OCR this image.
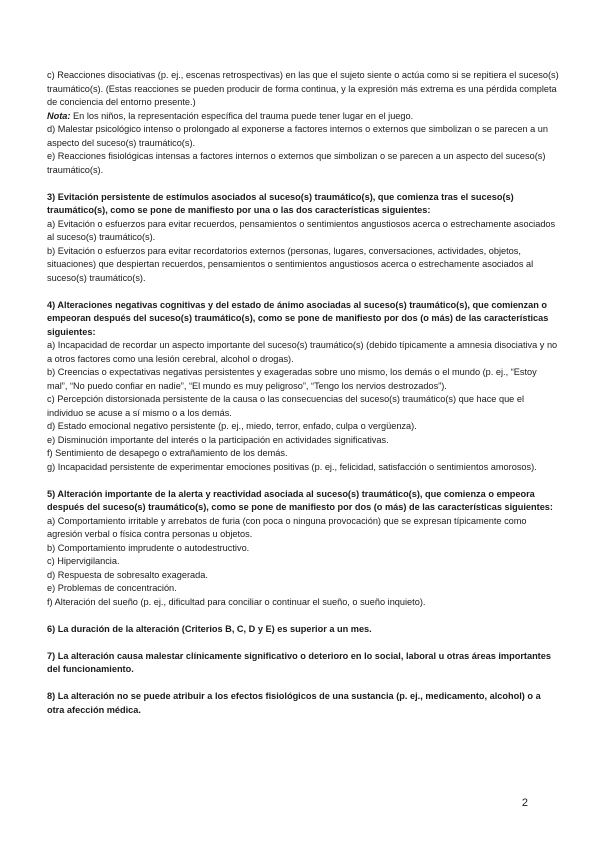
c) Reacciones disociativas (p. ej., escenas retrospectivas) en las que el sujeto siente o actúa como si se repitiera el suceso(s) traumático(s). (Estas reacciones se pueden producir de forma continua, y la expresión más extrema es una pérdida completa de conciencia del entorno presente.)

Nota: En los niños, la representación específica del trauma puede tener lugar en el juego.

d) Malestar psicológico intenso o prolongado al exponerse a factores internos o externos que simbolizan o se parecen a un aspecto del suceso(s) traumático(s).

e) Reacciones fisiológicas intensas a factores internos o externos que simbolizan o se parecen a un aspecto del suceso(s) traumático(s).

3) Evitación persistente de estímulos asociados al suceso(s) traumático(s), que comienza tras el suceso(s) traumático(s), como se pone de manifiesto por una o las dos características siguientes:

a) Evitación o esfuerzos para evitar recuerdos, pensamientos o sentimientos angustiosos acerca o estrechamente asociados al suceso(s) traumático(s).

b) Evitación o esfuerzos para evitar recordatorios externos (personas, lugares, conversaciones, actividades, objetos, situaciones) que despiertan recuerdos, pensamientos o sentimientos angustiosos acerca o estrechamente asociados al suceso(s) traumático(s).

4) Alteraciones negativas cognitivas y del estado de ánimo asociadas al suceso(s) traumático(s), que comienzan o empeoran después del suceso(s) traumático(s), como se pone de manifiesto por dos (o más) de las características siguientes:

a) Incapacidad de recordar un aspecto importante del suceso(s) traumático(s) (debido típicamente a amnesia disociativa y no a otros factores como una lesión cerebral, alcohol o drogas).

b) Creencias o expectativas negativas persistentes y exageradas sobre uno mismo, los demás o el mundo (p. ej., “Estoy mal”, “No puedo confiar en nadie”, “El mundo es muy peligroso”, “Tengo los nervios destrozados”).

c) Percepción distorsionada persistente de la causa o las consecuencias del suceso(s) traumático(s) que hace que el individuo se acuse a sí mismo o a los demás.

d) Estado emocional negativo persistente (p. ej., miedo, terror, enfado, culpa o vergüenza).

e) Disminución importante del interés o la participación en actividades significativas.

f) Sentimiento de desapego o extrañamiento de los demás.

g) Incapacidad persistente de experimentar emociones positivas (p. ej., felicidad, satisfacción o sentimientos amorosos).

5) Alteración importante de la alerta y reactividad asociada al suceso(s) traumático(s), que comienza o empeora después del suceso(s) traumático(s), como se pone de manifiesto por dos (o más) de las características siguientes:

a) Comportamiento irritable y arrebatos de furia (con poca o ninguna provocación) que se expresan típicamente como agresión verbal o física contra personas u objetos.

b) Comportamiento imprudente o autodestructivo.

c) Hipervigilancia.

d) Respuesta de sobresalto exagerada.

e) Problemas de concentración.

f) Alteración del sueño (p. ej., dificultad para conciliar o continuar el sueño, o sueño inquieto).

6) La duración de la alteración (Criterios B, C, D y E) es superior a un mes.

7) La alteración causa malestar clínicamente significativo o deterioro en lo social, laboral u otras áreas importantes del funcionamiento.

8) La alteración no se puede atribuir a los efectos fisiológicos de una sustancia (p. ej., medicamento, alcohol) o a otra afección médica.

2
